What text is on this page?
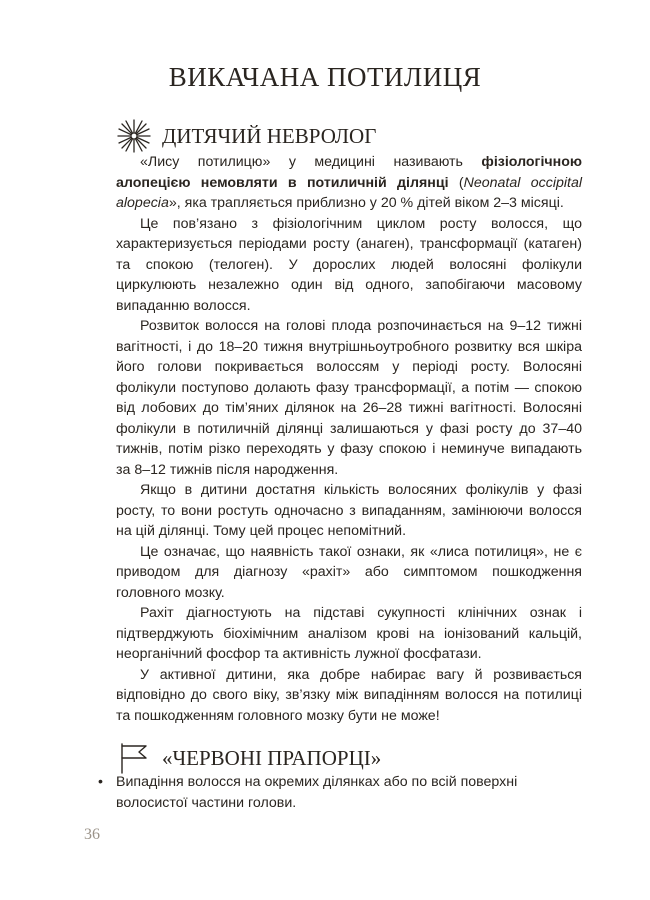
ВИКАЧАНА ПОТИЛИЦЯ
ДИТЯЧИЙ НЕВРОЛОГ

«Лису потилицю» у медицині називають фізіологічною алопецією немовляти в потиличній ділянці (Neonatal occipital alopecia», яка трапляється приблизно у 20 % дітей віком 2–3 місяці.

Це пов’язано з фізіологічним циклом росту волосся, що характеризується періодами росту (анаген), трансформації (катаген) та спокою (телоген). У дорослих людей волосяні фолікули циркулюють незалежно один від одного, запобігаючи масовому випаданню волосся.

Розвиток волосся на голові плода розпочинається на 9–12 тижні вагітності, і до 18–20 тижня внутрішньоутробного розвитку вся шкіра його голови покривається волоссям у періоді росту. Волосяні фолікули поступово долають фазу трансформації, а потім — спокою від лобових до тім’яних ділянок на 26–28 тижні вагітності. Волосяні фолікули в потиличній ділянці залишаються у фазі росту до 37–40 тижнів, потім різко переходять у фазу спокою і неминуче випадають за 8–12 тижнів після народження.

Якщо в дитини достатня кількість волосяних фолікулів у фазі росту, то вони ростуть одночасно з випаданням, замінюючи волосся на цій ділянці. Тому цей процес непомітний.

Це означає, що наявність такої ознаки, як «лиса потилиця», не є приводом для діагнозу «рахіт» або симптомом пошкодження головного мозку.

Рахіт діагностують на підставі сукупності клінічних ознак і підтверджують біохімічним аналізом крові на іонізований кальцій, неорганічний фосфор та активність лужної фосфатази.

У активної дитини, яка добре набирає вагу й розвивається відповідно до свого віку, зв’язку між випадінням волосся на потилиці та пошкодженням головного мозку бути не може!

«ЧЕРВОНІ ПРАПОРЦІ»
• Випадіння волосся на окремих ділянках або по всій поверхні волосистої частини голови.
36
